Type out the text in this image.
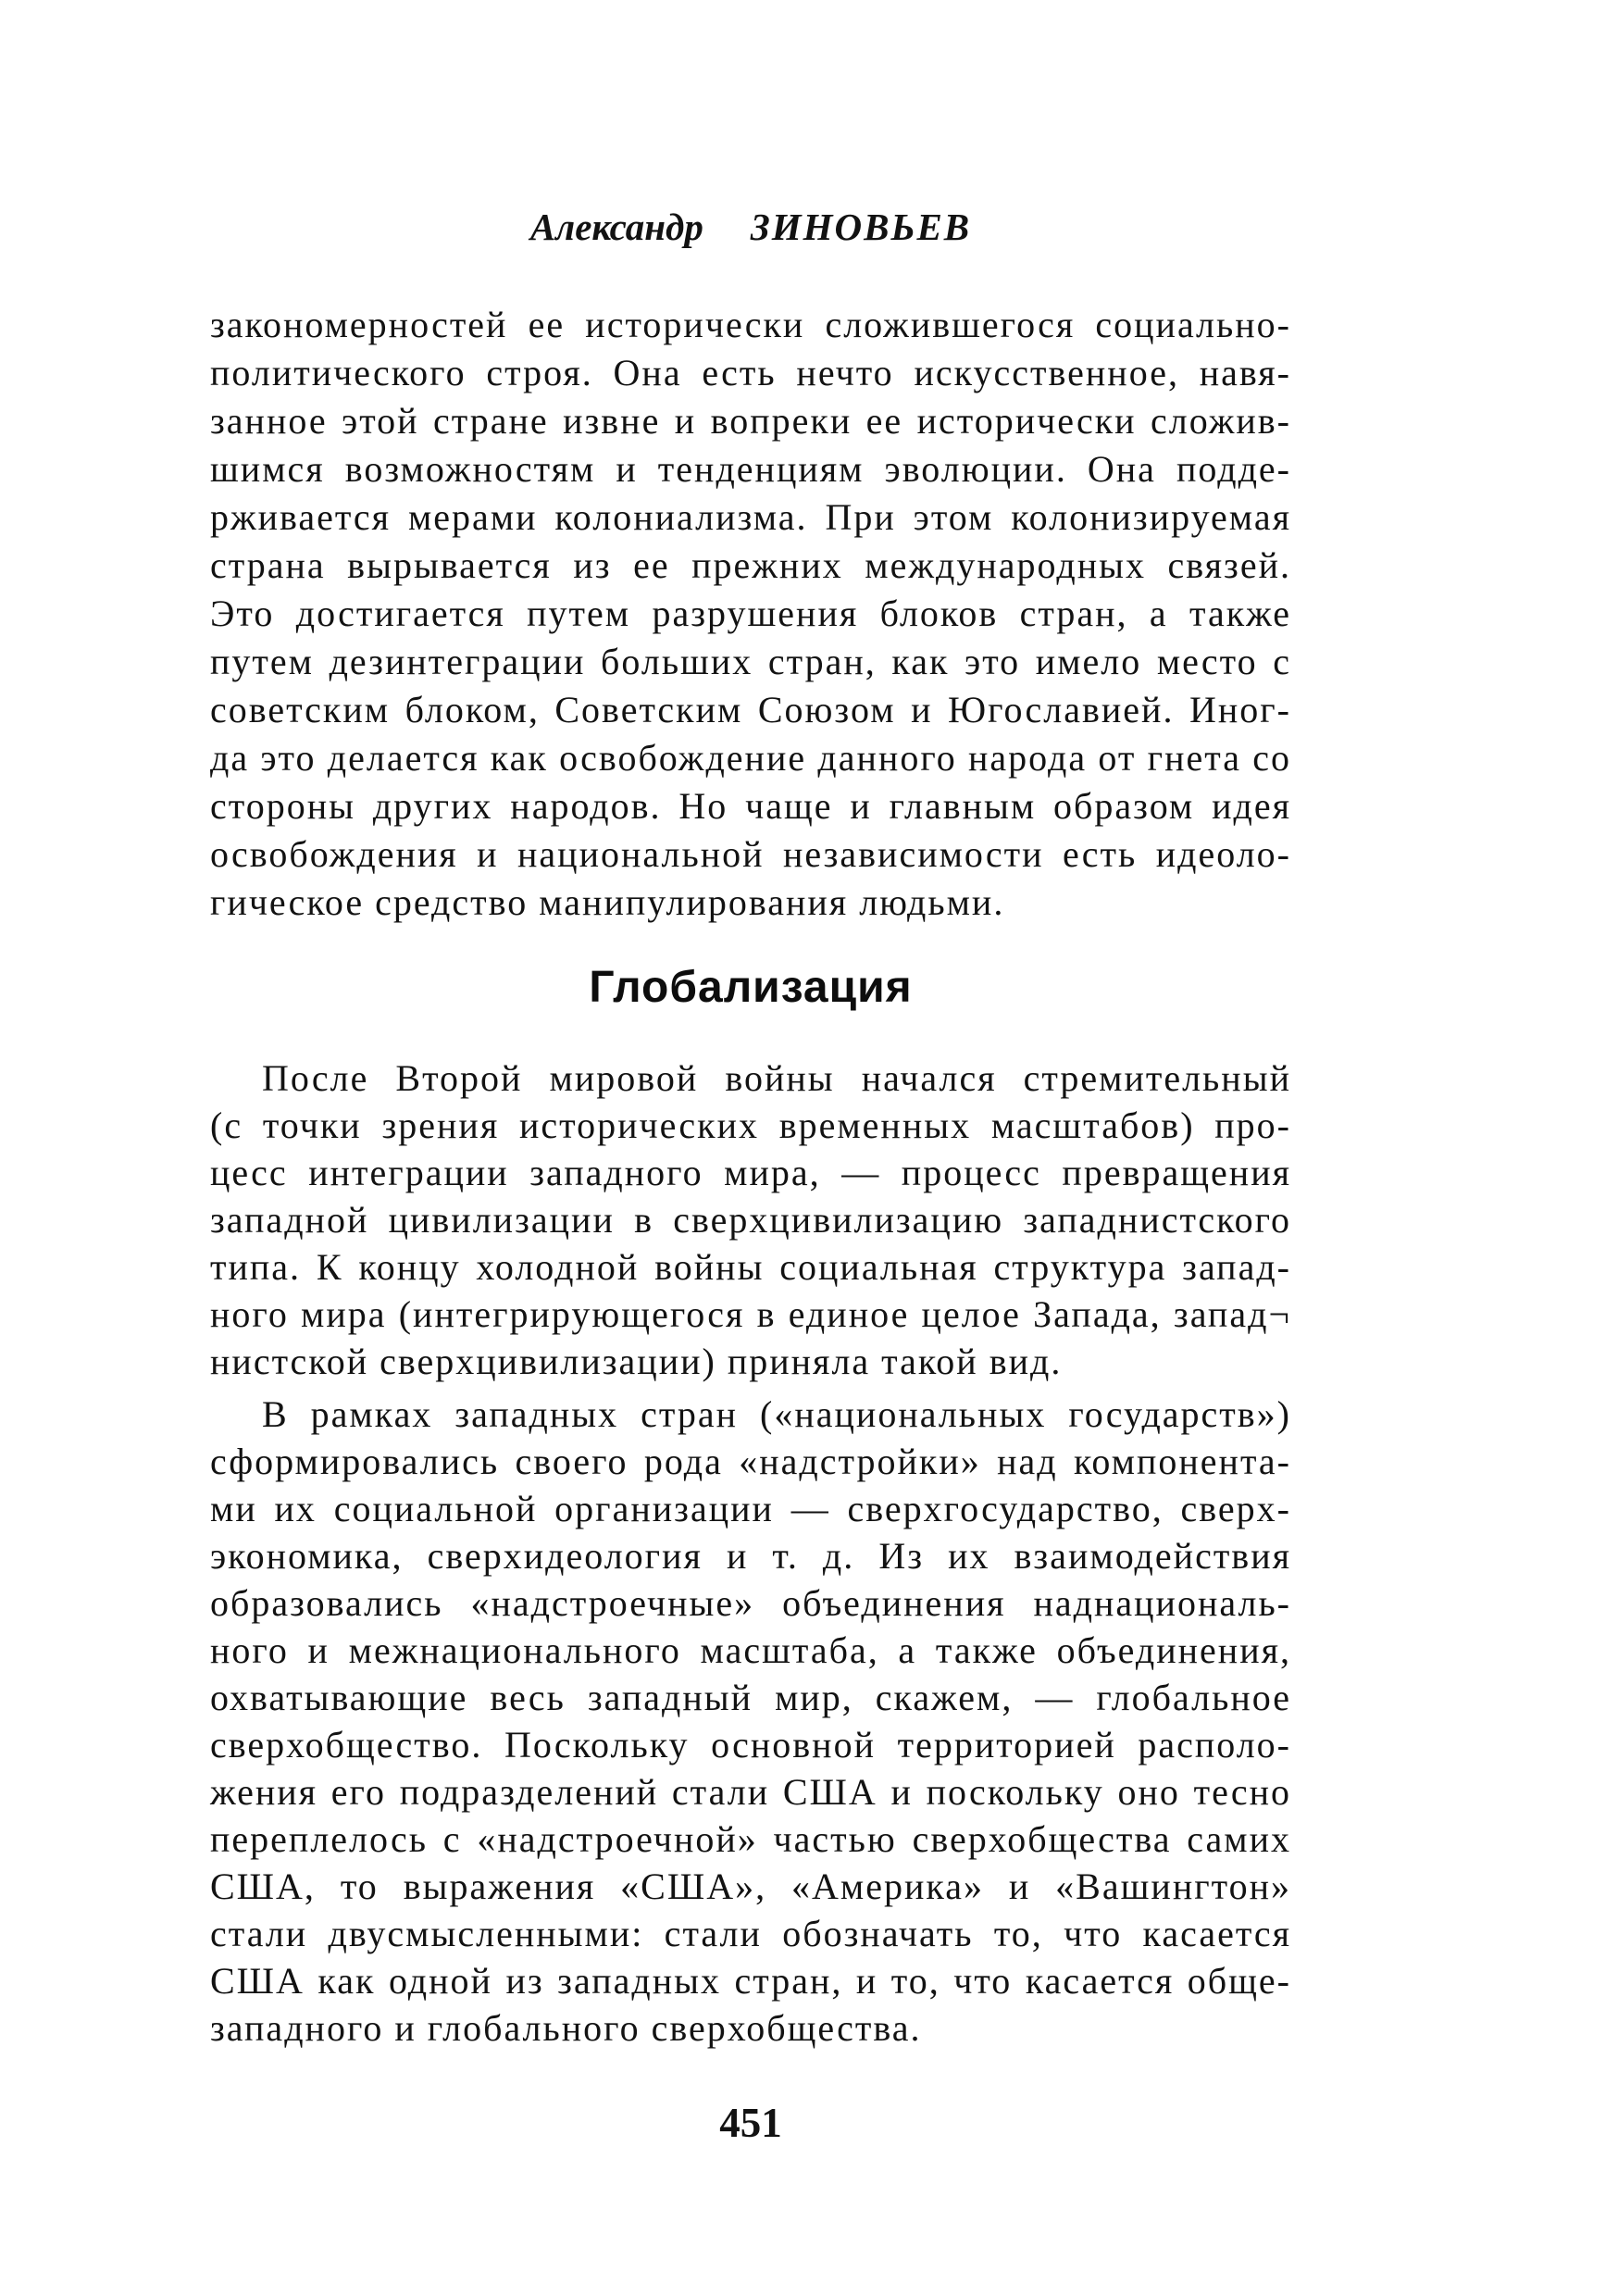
Александр ЗИНОВЬЕВ
закономерностей ее исторически сложившегося социально-
политического строя. Она есть нечто искусственное, навя-
занное этой стране извне и вопреки ее исторически сложив-
шимся возможностям и тенденциям эволюции. Она подде-
рживается мерами колониализма. При этом колонизируемая
страна вырывается из ее прежних международных связей.
Это достигается путем разрушения блоков стран, а также
путем дезинтеграции больших стран, как это имело место с
советским блоком, Советским Союзом и Югославией. Иног-
да это делается как освобождение данного народа от гнета со
стороны других народов. Но чаще и главным образом идея
освобождения и национальной независимости есть идеоло-
гическое средство манипулирования людьми.
Глобализация
После Второй мировой войны начался стремительный
(с точки зрения исторических временных масштабов) про-
цесс интеграции западного мира, — процесс превращения
западной цивилизации в сверхцивилизацию западнистского
типа. К концу холодной войны социальная структура запад-
ного мира (интегрирующегося в единое целое Запада, запад¬
нистской сверхцивилизации) приняла такой вид.
В рамках западных стран («национальных государств»)
сформировались своего рода «надстройки» над компонента-
ми их социальной организации — сверхгосударство, сверх-
экономика, сверхидеология и т. д. Из их взаимодействия
образовались «надстроечные» объединения наднациональ-
ного и межнационального масштаба, а также объединения,
охватывающие весь западный мир, скажем, — глобальное
сверхобщество. Поскольку основной территорией располо-
жения его подразделений стали США и поскольку оно тесно
переплелось с «надстроечной» частью сверхобщества самих
США, то выражения «США», «Америка» и «Вашингтон»
стали двусмысленными: стали обозначать то, что касается
США как одной из западных стран, и то, что касается обще-
западного и глобального сверхобщества.
451
